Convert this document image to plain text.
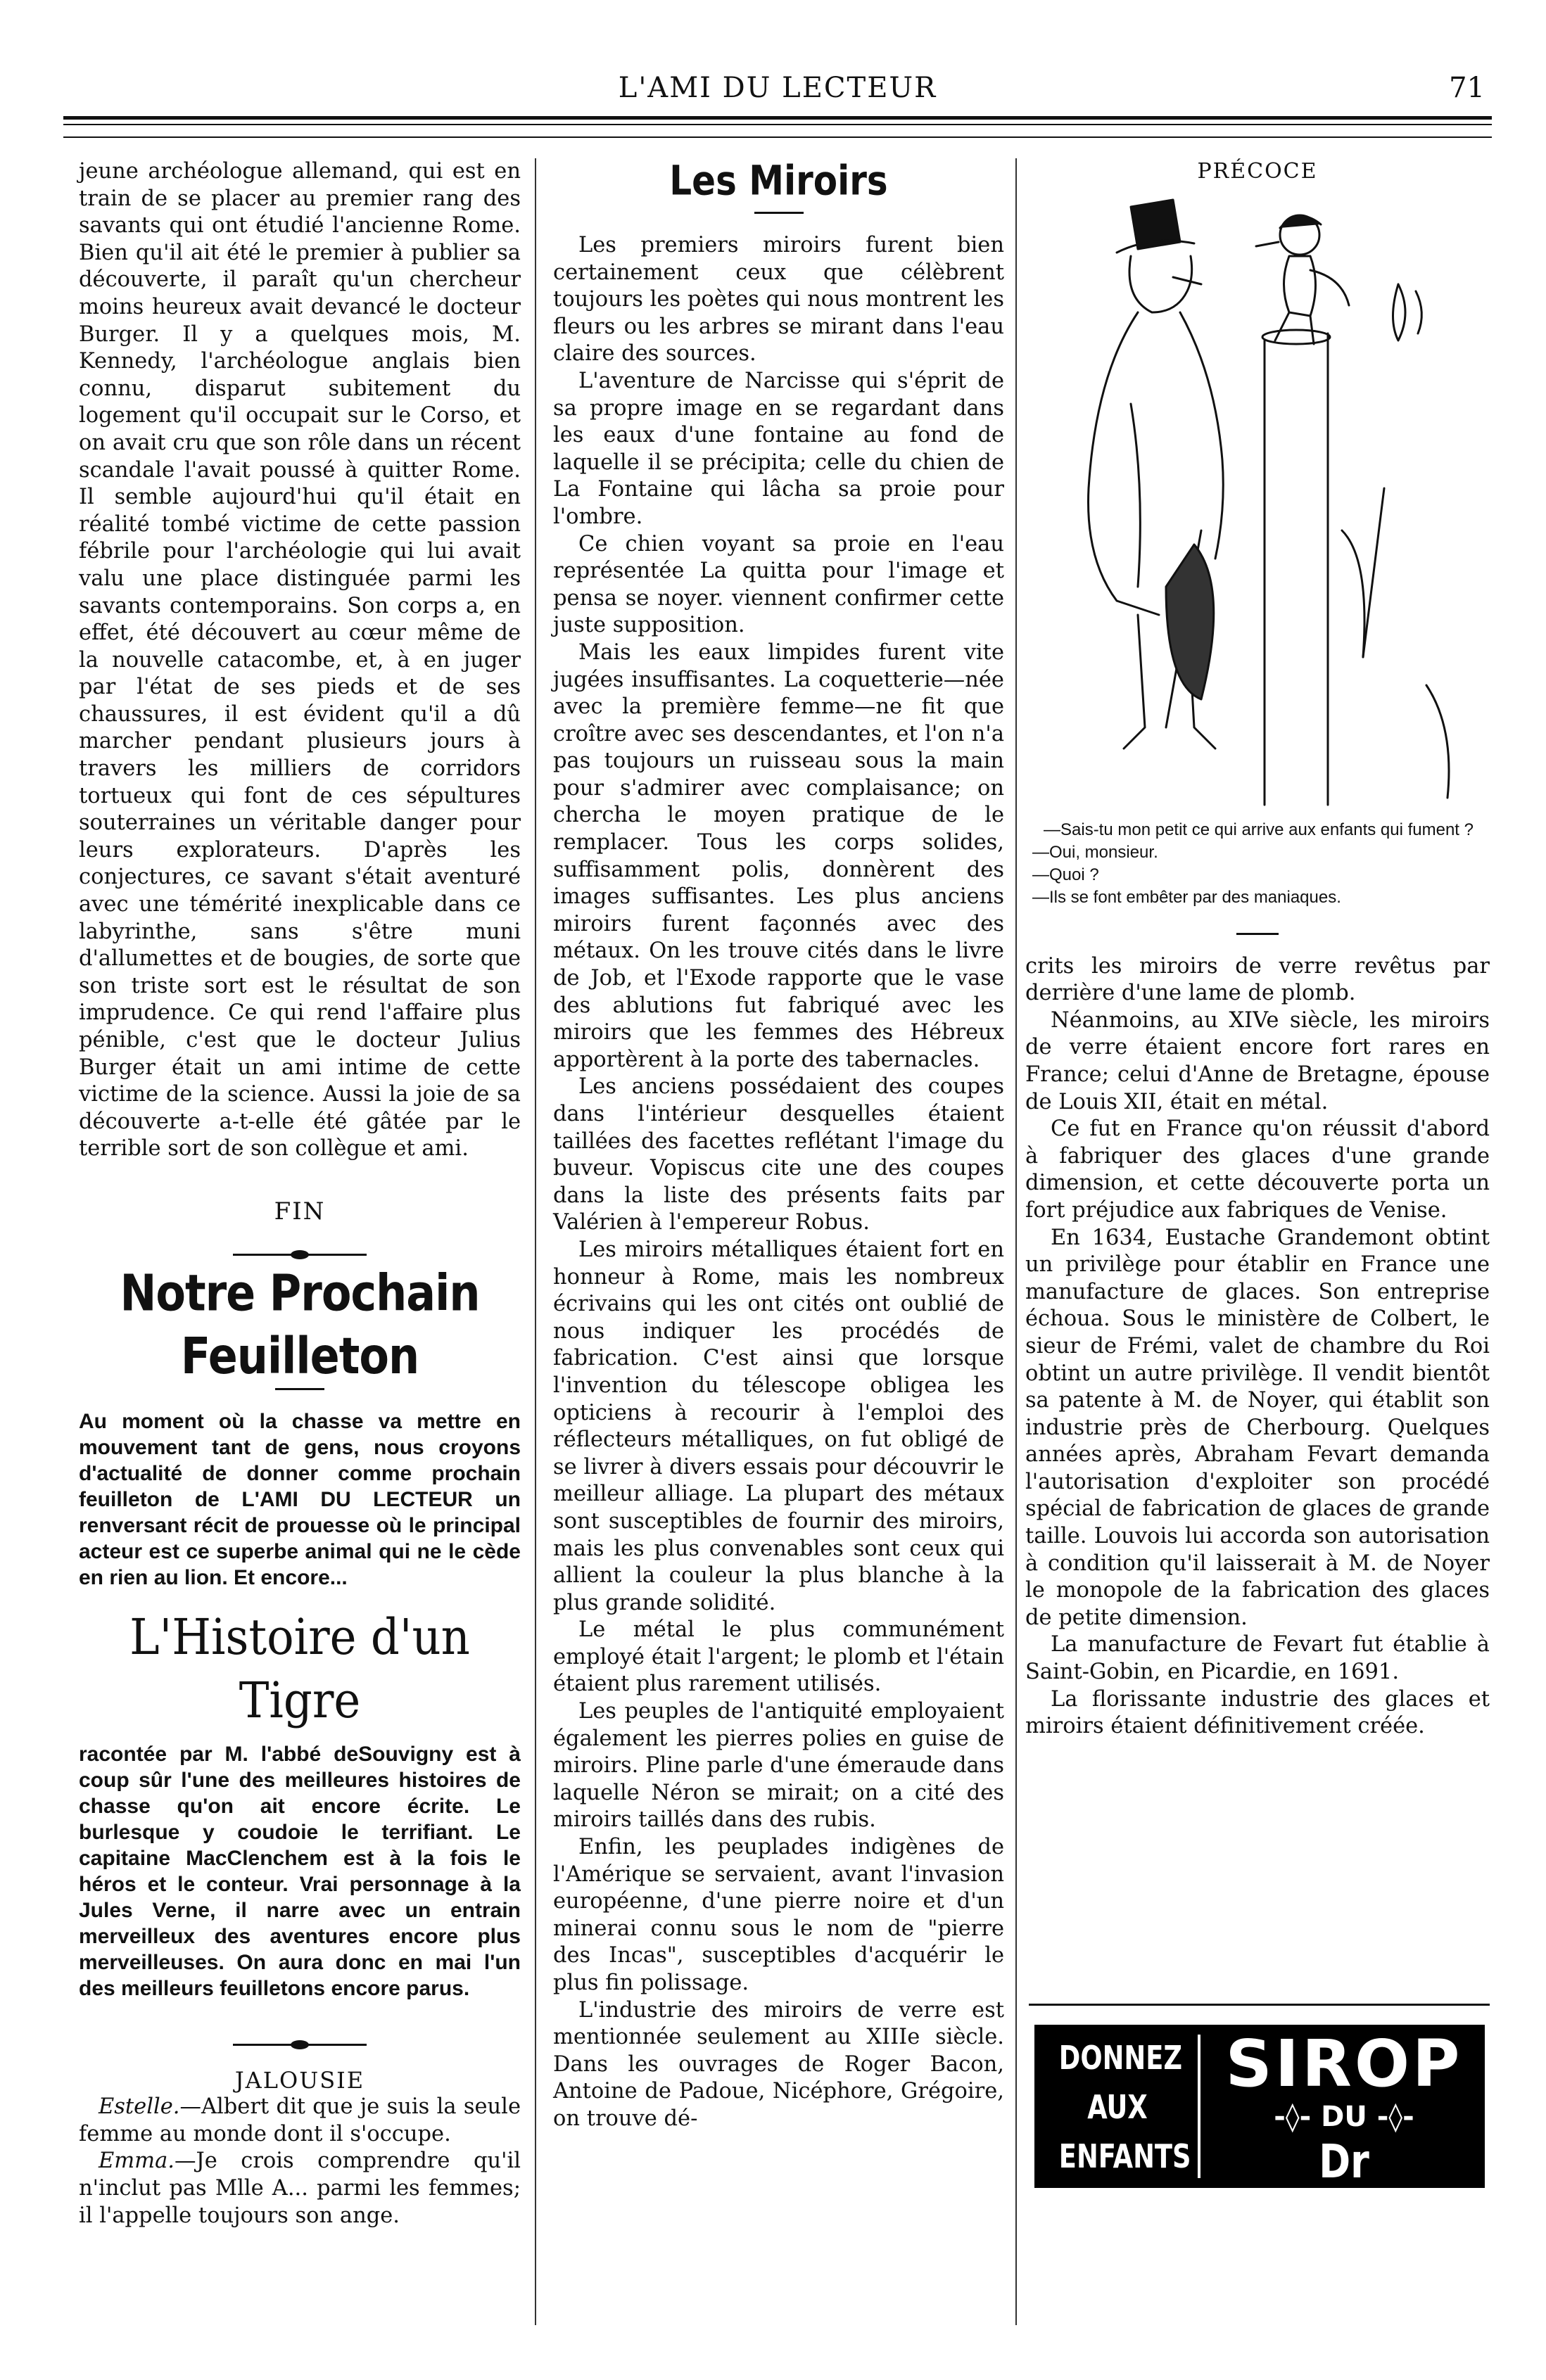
L'AMI DU LECTEUR	71

jeune archéologue allemand, qui est en train de se placer au premier rang des savants qui ont étudié l'ancienne Rome. Bien qu'il ait été le premier à publier sa découverte, il paraît qu'un chercheur moins heureux avait devancé le docteur Burger. Il y a quelques mois, M. Kennedy, l'archéologue anglais bien connu, disparut subitement du logement qu'il occupait sur le Corso, et on avait cru que son rôle dans un récent scandale l'avait poussé à quitter Rome. Il semble aujourd'hui qu'il était en réalité tombé victime de cette passion fébrile pour l'archéologie qui lui avait valu une place distinguée parmi les savants contemporains. Son corps a, en effet, été découvert au cœur même de la nouvelle catacombe, et, à en juger par l'état de ses pieds et de ses chaussures, il est évident qu'il a dû marcher pendant plusieurs jours à travers les milliers de corridors tortueux qui font de ces sépultures souterraines un véritable danger pour leurs explorateurs. D'après les conjectures, ce savant s'était aventuré avec une témérité inexplicable dans ce labyrinthe, sans s'être muni d'allumettes et de bougies, de sorte que son triste sort est le résultat de son imprudence. Ce qui rend l'affaire plus pénible, c'est que le docteur Julius Burger était un ami intime de cette victime de la science. Aussi la joie de sa découverte a-t-elle été gâtée par le terrible sort de son collègue et ami.

FIN
Notre Prochain Feuilleton
Au moment où la chasse va mettre en mouvement tant de gens, nous croyons d'actualité de donner comme prochain feuilleton de L'AMI DU LECTEUR un renversant récit de prouesse où le principal acteur est ce superbe animal qui ne le cède en rien au lion. Et encore...
L'Histoire d'un Tigre
racontée par M. l'abbé deSouvigny est à coup sûr l'une des meilleures histoires de chasse qu'on ait encore écrite. Le burlesque y coudoie le terrifiant. Le capitaine MacClenchem est à la fois le héros et le conteur. Vrai personnage à la Jules Verne, il narre avec un entrain merveilleux des aventures encore plus merveilleuses. On aura donc en mai l'un des meilleurs feuilletons encore parus.
JALOUSIE

Estelle.—Albert dit que je suis la seule femme au monde dont il s'occupe.

Emma.—Je crois comprendre qu'il n'inclut pas Mlle A... parmi les femmes; il l'appelle toujours son ange.

Les Miroirs

Les premiers miroirs furent bien certainement ceux que célèbrent toujours les poètes qui nous montrent les fleurs ou les arbres se mirant dans l'eau claire des sources.

L'aventure de Narcisse qui s'éprit de sa propre image en se regardant dans les eaux d'une fontaine au fond de laquelle il se précipita; celle du chien de La Fontaine qui lâcha sa proie pour l'ombre.

Ce chien voyant sa proie en l'eau représentée La quitta pour l'image et pensa se noyer. viennent confirmer cette juste supposition.

Mais les eaux limpides furent vite jugées insuffisantes. La coquetterie—née avec la première femme—ne fit que croître avec ses descendantes, et l'on n'a pas toujours un ruisseau sous la main pour s'admirer avec complaisance; on chercha le moyen pratique de le remplacer. Tous les corps solides, suffisamment polis, donnèrent des images suffisantes. Les plus anciens miroirs furent façonnés avec des métaux. On les trouve cités dans le livre de Job, et l'Exode rapporte que le vase des ablutions fut fabriqué avec les miroirs que les femmes des Hébreux apportèrent à la porte des tabernacles.

Les anciens possédaient des coupes dans l'intérieur desquelles étaient taillées des facettes reflétant l'image du buveur. Vopiscus cite une des coupes dans la liste des présents faits par Valérien à l'empereur Robus.

Les miroirs métalliques étaient fort en honneur à Rome, mais les nombreux écrivains qui les ont cités ont oublié de nous indiquer les procédés de fabrication. C'est ainsi que lorsque l'invention du télescope obligea les opticiens à recourir à l'emploi des réflecteurs métalliques, on fut obligé de se livrer à divers essais pour découvrir le meilleur alliage. La plupart des métaux sont susceptibles de fournir des miroirs, mais les plus convenables sont ceux qui allient la couleur la plus blanche à la plus grande solidité.

Le métal le plus communément employé était l'argent; le plomb et l'étain étaient plus rarement utilisés.

Les peuples de l'antiquité employaient également les pierres polies en guise de miroirs. Pline parle d'une émeraude dans laquelle Néron se mirait; on a cité des miroirs taillés dans des rubis.

Enfin, les peuplades indigènes de l'Amérique se servaient, avant l'invasion européenne, d'une pierre noire et d'un minerai connu sous le nom de "pierre des Incas", susceptibles d'acquérir le plus fin polissage.

L'industrie des miroirs de verre est mentionnée seulement au XIIIe siècle. Dans les ouvrages de Roger Bacon, Antoine de Padoue, Nicéphore, Grégoire, on trouve dé-

PRÉCOCE

—Sais-tu mon petit ce qui arrive aux enfants qui fument ?

—Oui, monsieur.

—Quoi ?

—Ils se font embêter par des maniaques.

crits les miroirs de verre revêtus par derrière d'une lame de plomb.

Néanmoins, au XIVe siècle, les miroirs de verre étaient encore fort rares en France; celui d'Anne de Bretagne, épouse de Louis XII, était en métal.

Ce fut en France qu'on réussit d'abord à fabriquer des glaces d'une grande dimension, et cette découverte porta un fort préjudice aux fabriques de Venise.

En 1634, Eustache Grandemont obtint un privilège pour établir en France une manufacture de glaces. Son entreprise échoua. Sous le ministère de Colbert, le sieur de Frémi, valet de chambre du Roi obtint un autre privilège. Il vendit bientôt sa patente à M. de Noyer, qui établit son industrie près de Cherbourg. Quelques années après, Abraham Fevart demanda l'autorisation d'exploiter son procédé spécial de fabrication de glaces de grande taille. Louvois lui accorda son autorisation à condition qu'il laisserait à M. de Noyer le monopole de la fabrication des glaces de petite dimension.

La manufacture de Fevart fut établie à Saint-Gobin, en Picardie, en 1691.

La florissante industrie des glaces et miroirs étaient définitivement créée.

DONNEZ
AUX
ENFANTS
SIROP
-◊- DU -◊-
Dr GODERRE
